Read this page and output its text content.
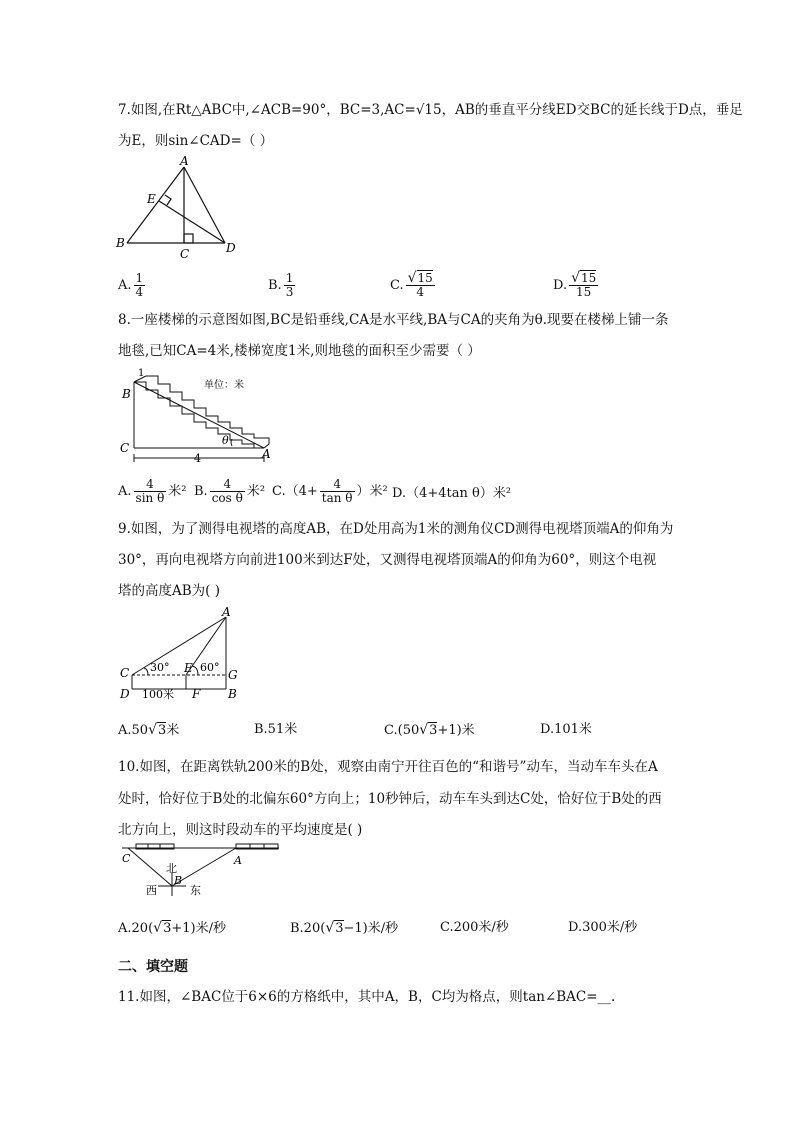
7.如图,在Rt△ABC中,∠ACB=90°，BC=3,AC=√15，AB的垂直平分线ED交BC的延长线于D点，垂足
为E，则sin∠CAD=（ ）
A
E
B
C	D
A. $\frac{1}{4}$	B. $\frac{1}{3}$	C. $\frac{√15}{4}$	D. $\frac{√15}{15}$
8.一座楼梯的示意图如图,BC是铅垂线,CA是水平线,BA与CA的夹角为θ.现要在楼梯上铺一条
地毯,已知CA=4米,楼梯宽度1米,则地毯的面积至少需要（ ）
1
单位：米
B
C	A
4
θ
A. $\frac{4}{\text{sin θ}}$ 米² B. $\frac{4}{\text{cos θ}}$ 米² $C.(4+ \frac{4}{\text{tan θ}}$ ）米² D.（4+4tan θ）米²
9.如图，为了测得电视塔的高度AB，在D处用高为1米的测角仪CD测得电视塔顶端A的仰角为
30°，再向电视塔方向前进100米到达F处，又测得电视塔顶端A的仰角为60°，则这个电视
塔的高度AB为( )
A
C 30° E 60°
G
D 100米 F B
A.50√3米	B.51米	C.(50√3+1)米	D.101米
10.如图，在距离铁轨200米的B处，观察由南宁开往百色的“和谐号”动车，当动车车头在A
处时，恰好位于B处的北偏东60°方向上；10秒钟后，动车车头到达C处，恰好位于B处的西
北方向上，则这时段动车的平均速度是( )
C	A
北
B
西	东
A.20(√3+1)米/秒	B.20(√3−1)米/秒	C.200米/秒	D.300米/秒
二、填空题
11.如图，∠BAC位于6×6的方格纸中，其中A，B，C均为格点，则tan∠BAC=__.
